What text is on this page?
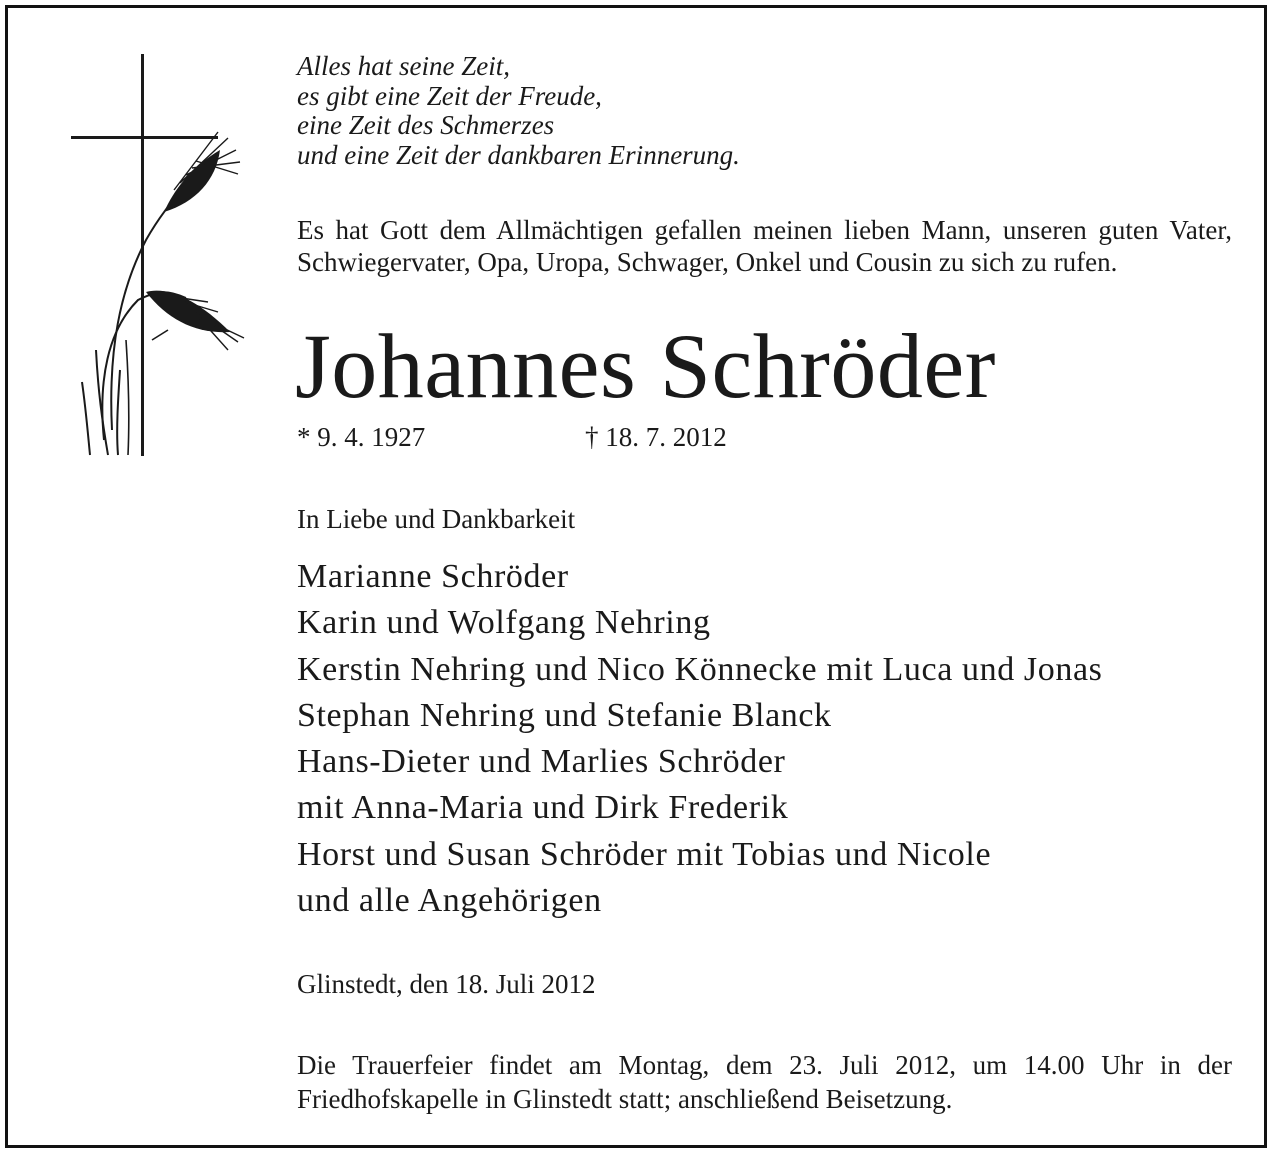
Alles hat seine Zeit,
es gibt eine Zeit der Freude,
eine Zeit des Schmerzes
und eine Zeit der dankbaren Erinnerung.

Es hat Gott dem Allmächtigen gefallen meinen lieben Mann, unseren guten Vater, Schwiegervater, Opa, Uropa, Schwager, Onkel und Cousin zu sich zu rufen.

Johannes Schröder
* 9. 4. 1927	† 18. 7. 2012
In Liebe und Dankbarkeit
Marianne Schröder
Karin und Wolfgang Nehring
Kerstin Nehring und Nico Könnecke mit Luca und Jonas
Stephan Nehring und Stefanie Blanck
Hans-Dieter und Marlies Schröder
mit Anna-Maria und Dirk Frederik
Horst und Susan Schröder mit Tobias und Nicole
und alle Angehörigen
Glinstedt, den 18. Juli 2012

Die Trauerfeier findet am Montag, dem 23. Juli 2012, um 14.00 Uhr in der Friedhofskapelle in Glinstedt statt; anschließend Beisetzung.
